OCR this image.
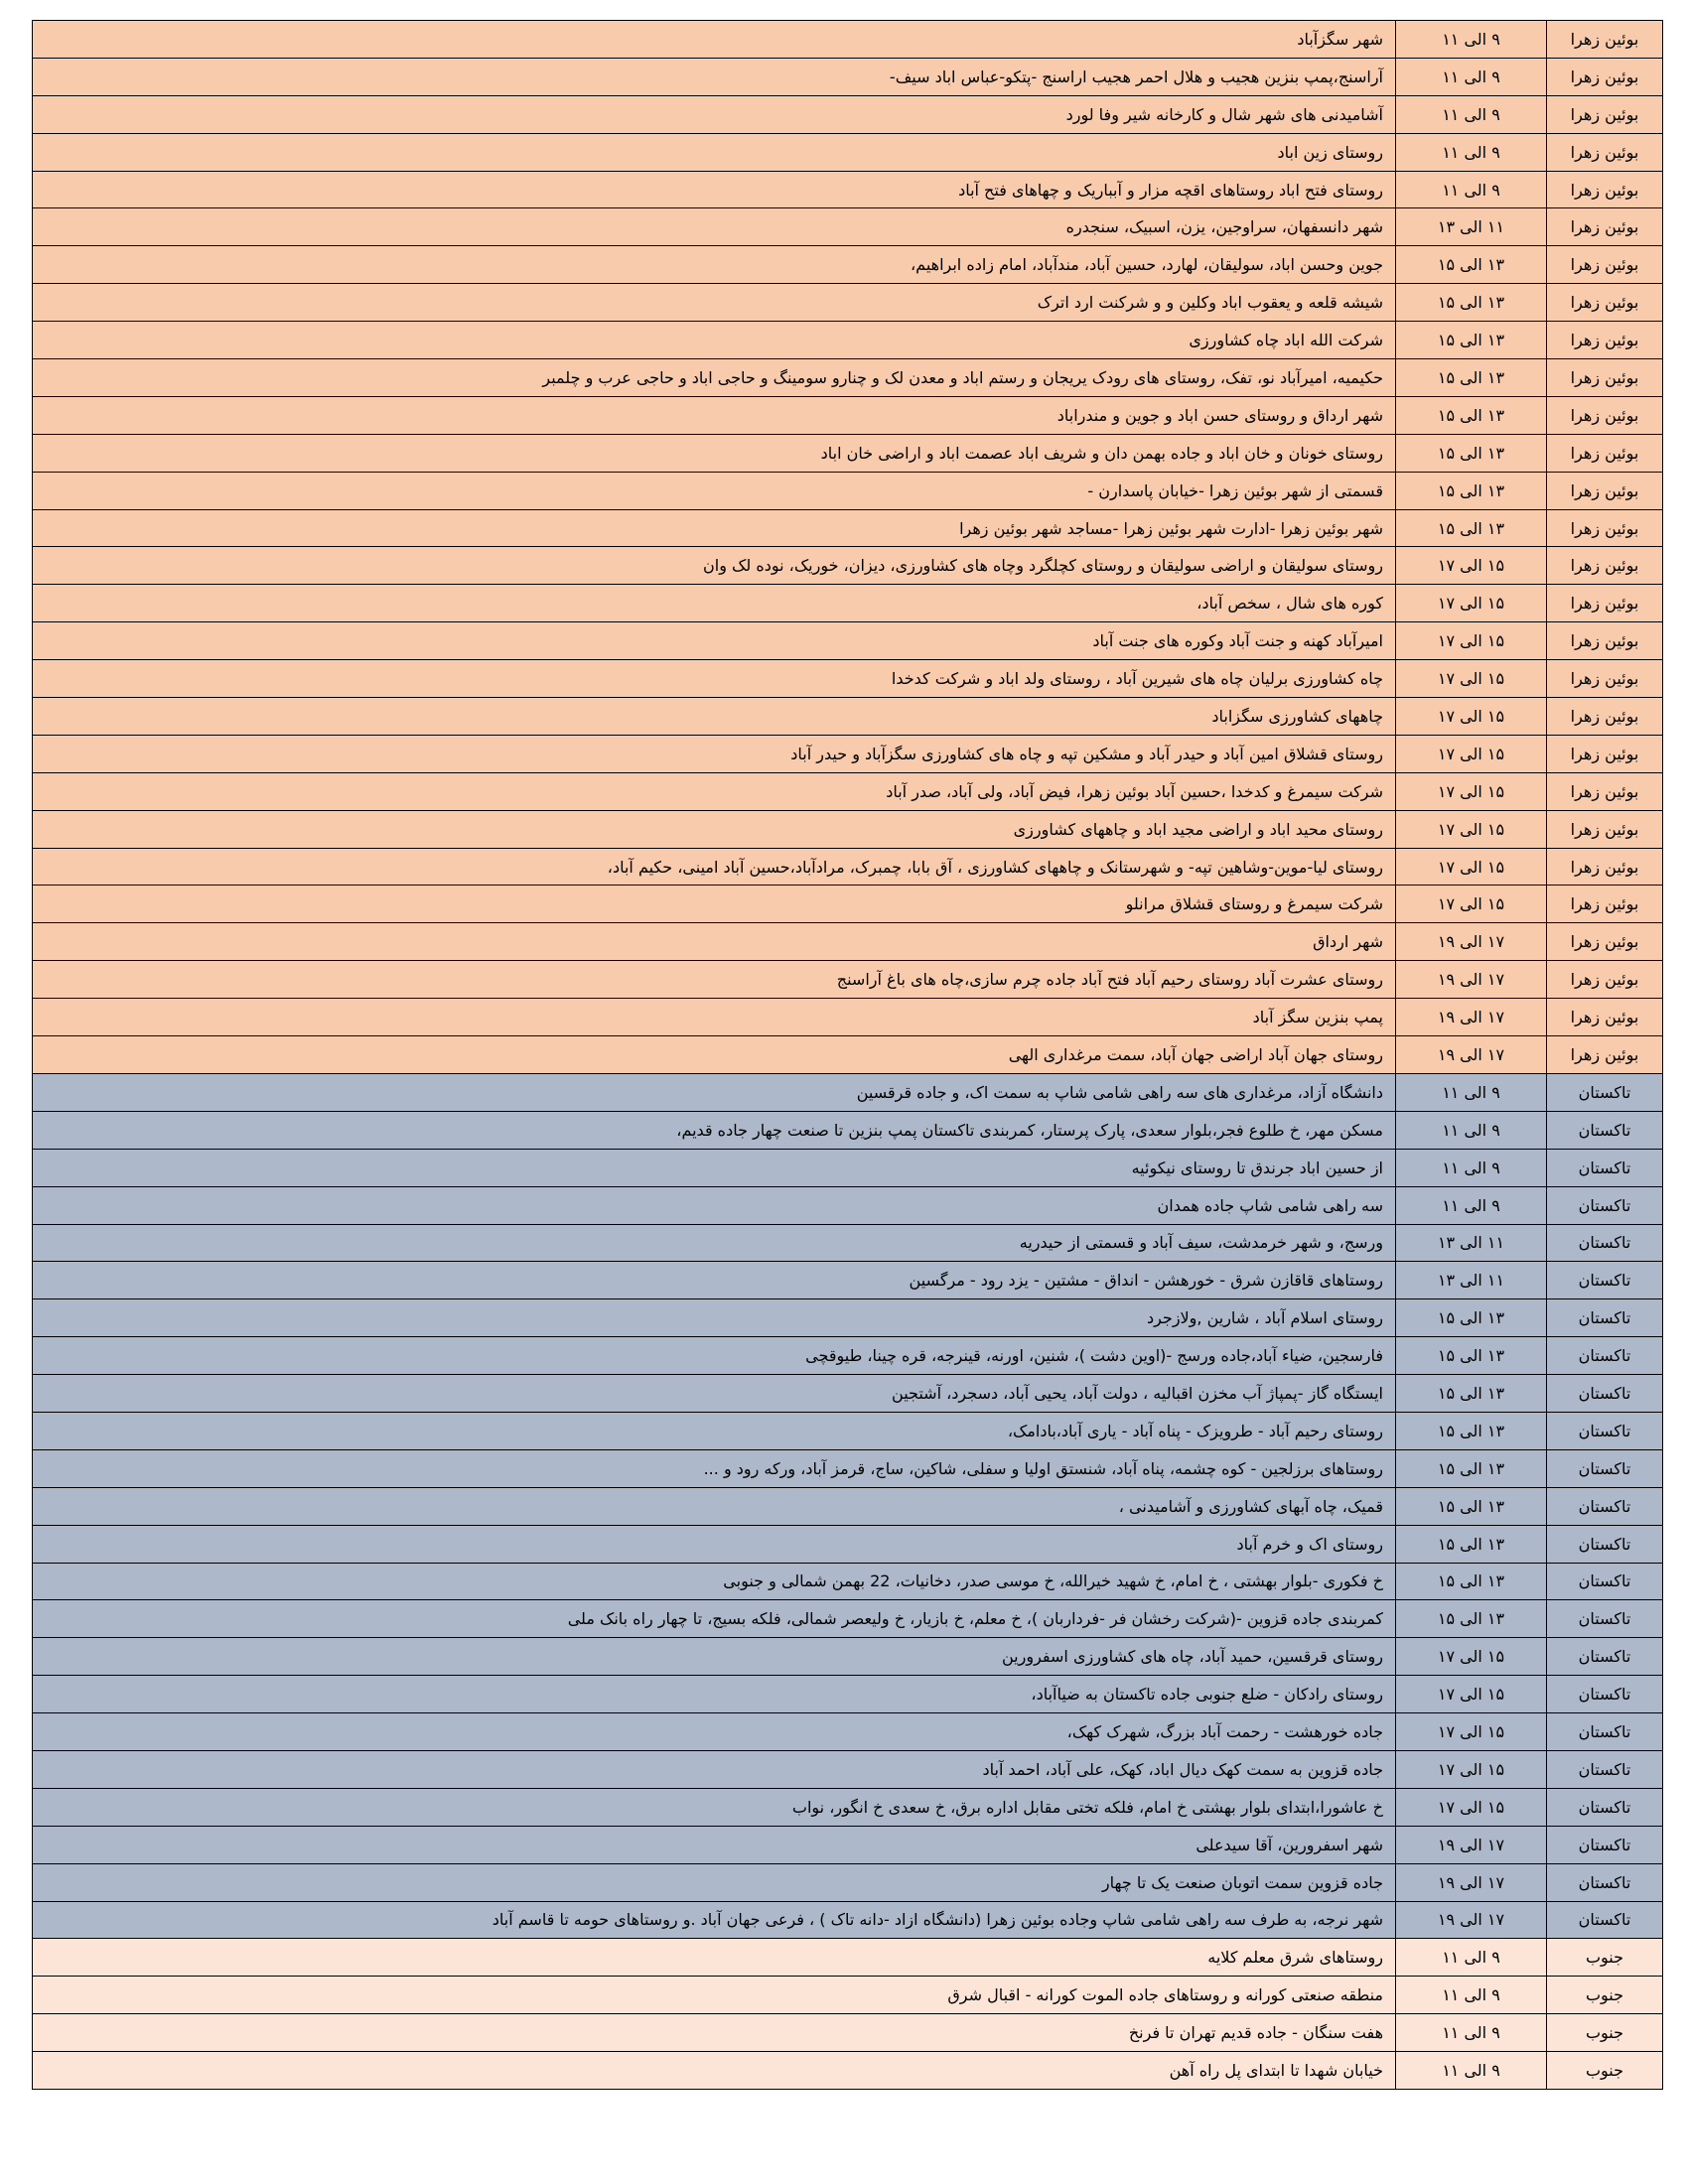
شهر سگزآباد	۹ الی ۱۱	بوئین زهرا
آراسنج،پمپ بنزین هجیب و هلال احمر هجیب اراسنج -پتکو-عباس اباد سیف-	۹ الی ۱۱	بوئین زهرا
آشامیدنی های شهر شال و کارخانه شیر وفا لورد	۹ الی ۱۱	بوئین زهرا
روستای زین اباد	۹ الی ۱۱	بوئین زهرا
روستای فتح اباد روستاهای اقچه مزار و آبباریک و چهاهای فتح آباد	۹ الی ۱۱	بوئین زهرا
شهر دانسفهان، سراوجین، یزن، اسبیک، سنجدره	۱۱ الی ۱۳	بوئین زهرا
جوین وحسن اباد، سولیقان، لهارد، حسین آباد، مندآباد، امام زاده ابراهیم،	۱۳ الی ۱۵	بوئین زهرا
شیشه قلعه و یعقوب اباد وکلین و و شرکنت ارد اترک	۱۳ الی ۱۵	بوئین زهرا
شرکت الله اباد چاه کشاورزی	۱۳ الی ۱۵	بوئین زهرا
حکیمیه، امیرآباد نو، تفک، روستای های رودک یریجان و رستم اباد و معدن لک و چنارو سومینگ و حاجی اباد و حاجی عرب و چلمبر	۱۳ الی ۱۵	بوئین زهرا
شهر ارداق و روستای حسن اباد و جوین و مندراباد	۱۳ الی ۱۵	بوئین زهرا
روستای خونان و خان اباد و جاده بهمن دان و شریف اباد عصمت اباد و اراضی خان اباد	۱۳ الی ۱۵	بوئین زهرا
قسمتی از شهر بوئین زهرا -خیابان پاسدارن -	۱۳ الی ۱۵	بوئین زهرا
شهر بوئین زهرا -ادارت شهر بوئین زهرا -مساجد شهر بوئین زهرا	۱۳ الی ۱۵	بوئین زهرا
روستای سولیقان و اراضی سولیقان و روستای کچلگرد وچاه های کشاورزی، دیزان، خوریک، نوده لک وان	۱۵ الی ۱۷	بوئین زهرا
کوره های شال ، سخص آباد،	۱۵ الی ۱۷	بوئین زهرا
امیرآباد کهنه و جنت آباد وکوره های جنت آباد	۱۵ الی ۱۷	بوئین زهرا
چاه کشاورزی برلیان چاه های شیرین آباد ، روستای ولد اباد و شرکت کدخدا	۱۵ الی ۱۷	بوئین زهرا
چاههای کشاورزی سگزاباد	۱۵ الی ۱۷	بوئین زهرا
روستای قشلاق امین آباد و حیدر آباد و مشکین تپه و چاه های کشاورزی سگزآباد و حیدر آباد	۱۵ الی ۱۷	بوئین زهرا
شرکت سیمرغ و کدخدا ،حسین آباد بوئین زهرا، فیض آباد، ولی آباد، صدر آباد	۱۵ الی ۱۷	بوئین زهرا
روستای محید اباد و اراضی مجید اباد و چاههای کشاورزی	۱۵ الی ۱۷	بوئین زهرا
روستای لیا-موین-وشاهین تپه- و شهرستانک و چاههای کشاورزی ، آق بابا، چمبرک، مرادآباد،حسین آباد امینی، حکیم آباد،	۱۵ الی ۱۷	بوئین زهرا
شرکت سیمرغ و روستای قشلاق مرانلو	۱۵ الی ۱۷	بوئین زهرا
شهر ارداق	۱۷ الی ۱۹	بوئین زهرا
روستای عشرت آباد روستای رحیم آباد فتح آباد جاده چرم سازی،چاه های باغ آراسنج	۱۷ الی ۱۹	بوئین زهرا
پمپ بنزین سگز آباد	۱۷ الی ۱۹	بوئین زهرا
روستای جهان آباد اراضی جهان آباد، سمت مرغداری الهی	۱۷ الی ۱۹	بوئین زهرا
دانشگاه آزاد، مرغداری های سه راهی شامی شاپ به سمت اک، و جاده قرقسین	۹ الی ۱۱	تاکستان
مسکن مهر، خ طلوع فجر،بلوار سعدی، پارک پرستار، کمربندی تاکستان پمپ بنزین تا صنعت چهار جاده قدیم،	۹ الی ۱۱	تاکستان
از حسین اباد جرندق تا روستای نیکوئیه	۹ الی ۱۱	تاکستان
سه راهی شامی شاپ جاده همدان	۹ الی ۱۱	تاکستان
ورسج، و شهر خرمدشت، سیف آباد و قسمتی از حیدریه	۱۱ الی ۱۳	تاکستان
روستاهای قاقازن شرق - خورهشن - انداق - مشتین - یزد رود - مرگسین	۱۱ الی ۱۳	تاکستان
روستای اسلام آباد ، شارین ,ولازجرد	۱۳ الی ۱۵	تاکستان
فارسجین، ضیاء آباد،جاده ورسج -(اوین دشت )، شنین، اورنه، قینرجه، قره چینا، طیوقچی	۱۳ الی ۱۵	تاکستان
ایستگاه گاز -پمپاژ آب مخزن اقبالیه ، دولت آباد، یحیی آباد، دسجرد، آشتجین	۱۳ الی ۱۵	تاکستان
روستای رحیم آباد - طرویزک - پناه آباد - یاری آباد،بادامک،	۱۳ الی ۱۵	تاکستان
روستاهای برزلجین - کوه چشمه، پناه آباد، شنستق اولیا و سفلی، شاکین، ساج، قرمز آباد، ورکه رود و ...	۱۳ الی ۱۵	تاکستان
قمیک، چاه آبهای کشاورزی و آشامیدنی ،	۱۳ الی ۱۵	تاکستان
روستای اک و خرم آباد	۱۳ الی ۱۵	تاکستان
خ فکوری -بلوار بهشتی ، خ امام، خ شهید خیرالله، خ موسی صدر، دخانیات، 22 بهمن شمالی و جنوبی	۱۳ الی ۱۵	تاکستان
کمربندی جاده قزوین -(شرکت رخشان فر -فرداربان )، خ معلم، خ بازیار، خ ولیعصر شمالی، فلکه بسیج، تا چهار راه بانک ملی	۱۳ الی ۱۵	تاکستان
روستای قرقسین، حمید آباد، چاه های کشاورزی اسفرورین	۱۵ الی ۱۷	تاکستان
روستای رادکان - ضلع جنوبی جاده تاکستان به ضیاآباد،	۱۵ الی ۱۷	تاکستان
جاده خورهشت - رحمت آباد بزرگ، شهرک کهک،	۱۵ الی ۱۷	تاکستان
جاده قزوین به سمت کهک دیال اباد، کهک، علی آباد، احمد آباد	۱۵ الی ۱۷	تاکستان
خ عاشورا،ابتدای بلوار بهشتی خ امام، فلکه تختی مقابل اداره برق، خ سعدی خ انگور، نواب	۱۵ الی ۱۷	تاکستان
شهر اسفرورین، آقا سیدعلی	۱۷ الی ۱۹	تاکستان
جاده قزوین سمت اتوبان صنعت یک تا چهار	۱۷ الی ۱۹	تاکستان
شهر نرجه، به طرف سه راهی شامی شاپ وجاده بوئین زهرا (دانشگاه ازاد -دانه تاک ) ، فرعی جهان آباد .و روستاهای حومه تا قاسم آباد	۱۷ الی ۱۹	تاکستان
روستاهای شرق معلم کلایه	۹ الی ۱۱	جنوب
منطقه صنعتی کورانه و روستاهای جاده الموت کورانه - اقبال شرق	۹ الی ۱۱	جنوب
هفت سنگان - جاده قدیم تهران تا فرنخ	۹ الی ۱۱	جنوب
خیابان شهدا تا ابتدای پل راه آهن	۹ الی ۱۱	جنوب
